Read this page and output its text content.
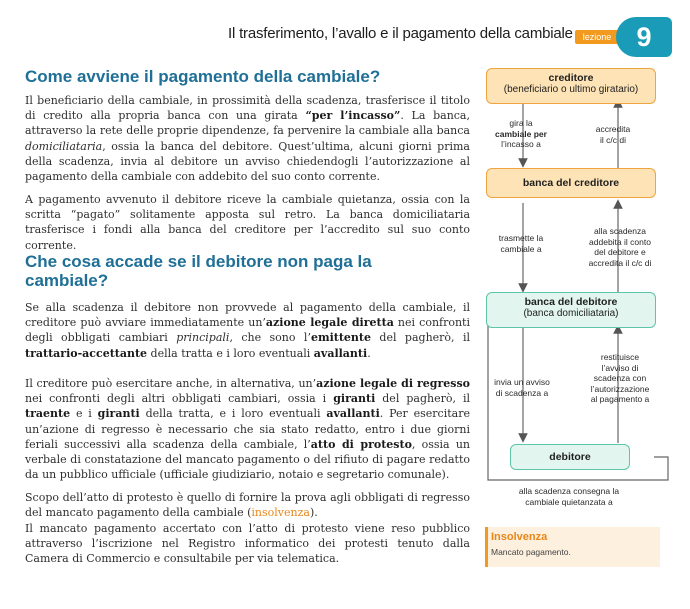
Il trasferimento, l’avallo e il pagamento della cambiale	lezione 9
Come avviene il pagamento della cambiale?
Il beneficiario della cambiale, in prossimità della scadenza, trasferisce il titolo di credito alla propria banca con una girata “per l’incasso”. La banca, attraverso la rete delle proprie dipendenze, fa pervenire la cambiale alla banca domiciliataria, ossia la banca del debitore. Quest’ultima, alcuni giorni prima della scadenza, invia al debitore un avviso chiedendogli l’autorizzazione al pagamento della cambiale con addebito del suo conto corrente.
A pagamento avvenuto il debitore riceve la cambiale quietanza, ossia con la scritta “pagato” solitamente apposta sul retro. La banca domiciliataria trasferisce i fondi alla banca del creditore per l’accredito sul suo conto corrente.
Che cosa accade se il debitore non paga la cambiale?
Se alla scadenza il debitore non provvede al pagamento della cambiale, il creditore può avviare immediatamente un’azione legale diretta nei confronti degli obbligati cambiari principali, che sono l’emittente del pagherò, il trattario-accettante della tratta e i loro eventuali avallanti.
Il creditore può esercitare anche, in alternativa, un’azione legale di regresso nei confronti degli altri obbligati cambiari, ossia i giranti del pagherò, il traente e i giranti della tratta, e i loro eventuali avallanti. Per esercitare un’azione di regresso è necessario che sia stato redatto, entro i due giorni feriali successivi alla scadenza della cambiale, l’atto di protesto, ossia un verbale di constatazione del mancato pagamento o del rifiuto di pagare redatto da un pubblico ufficiale (ufficiale giudiziario, notaio e segretario comunale).
Scopo dell’atto di protesto è quello di fornire la prova agli obbligati di regresso del mancato pagamento della cambiale (insolvenza).
Il mancato pagamento accertato con l’atto di protesto viene reso pubblico attraverso l’iscrizione nel Registro informatico dei protesti tenuto dalla Camera di Commercio e consultabile per via telematica.
creditore
(beneficiario o ultimo giratario)
gira la
cambiale per
l’incasso a
accredita
il c/c di
banca del creditore
trasmette la
cambiale a
alla scadenza
addebita il conto
del debitore e
accredita il c/c di
banca del debitore
(banca domiciliataria)
invia un avviso
di scadenza a
restituisce
l’avviso di
scadenza con
l’autorizzazione
al pagamento a
debitore
alla scadenza consegna la
cambiale quietanzata a
Insolvenza
Mancato pagamento.
